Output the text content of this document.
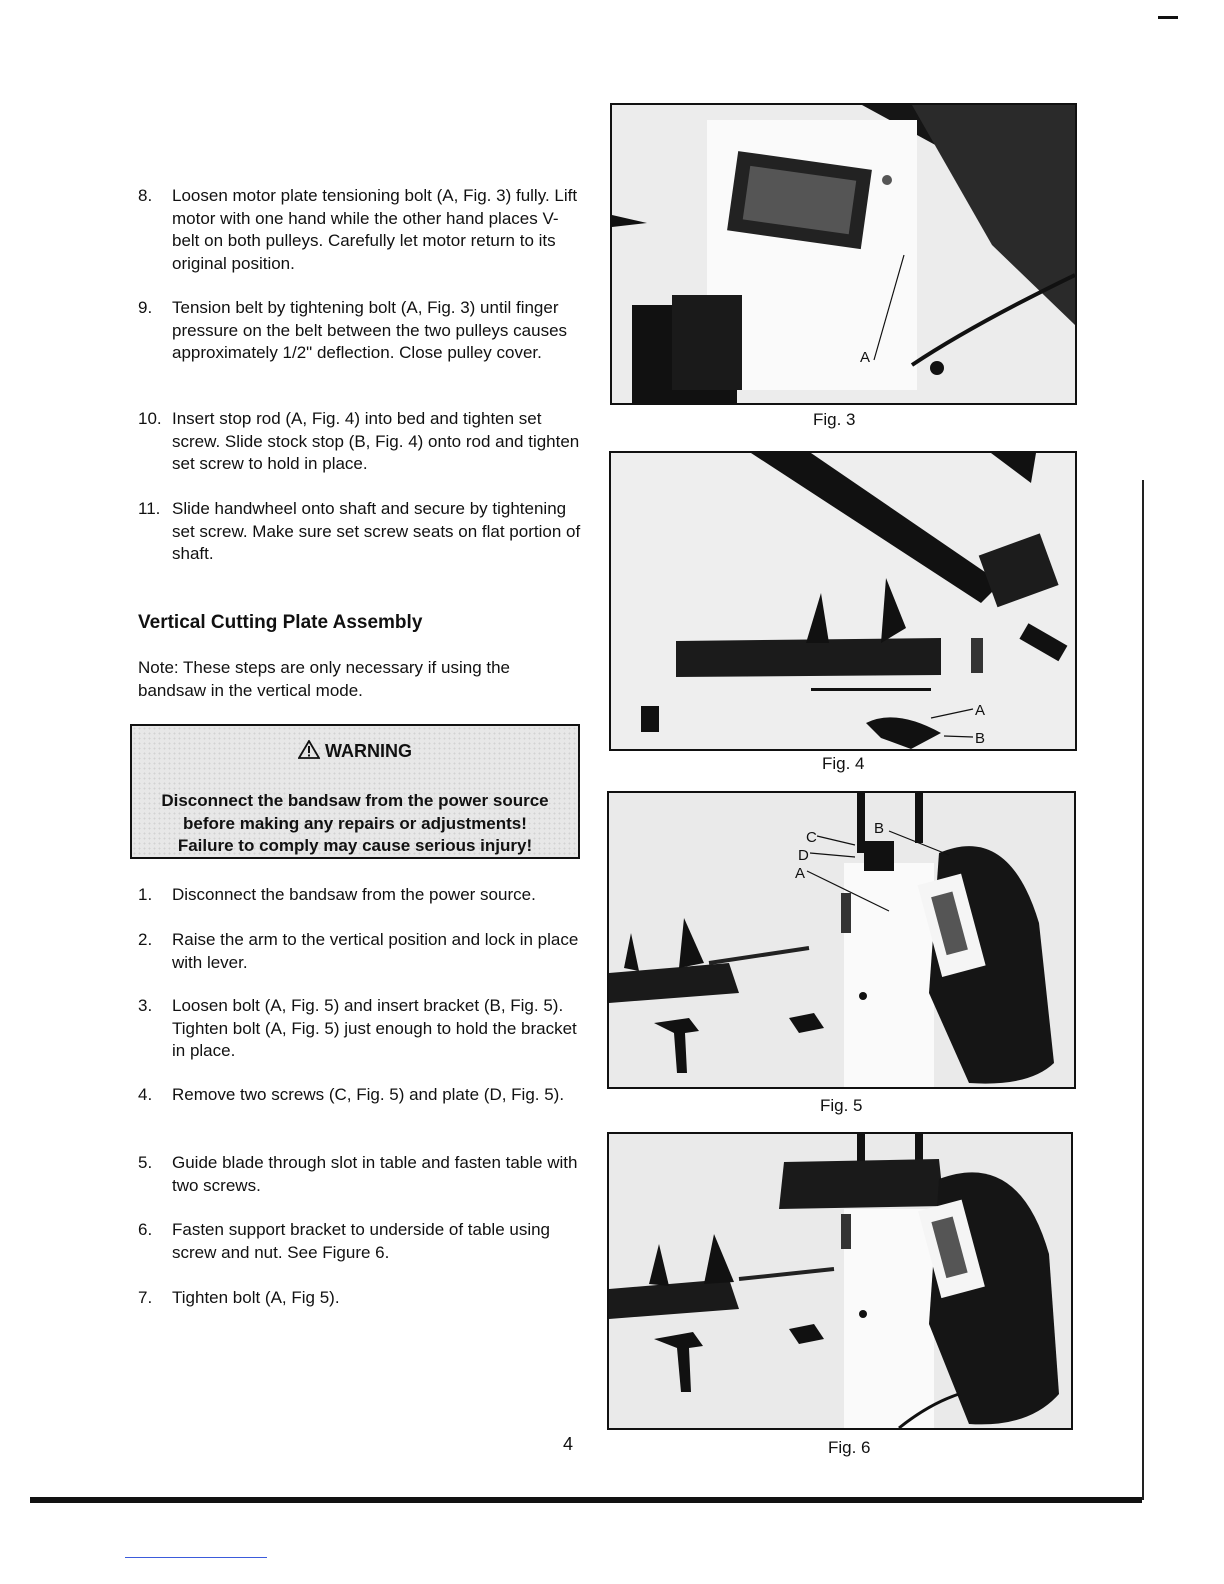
8.	Loosen motor plate tensioning bolt (A, Fig. 3) fully. Lift motor with one hand while the other hand places V-belt on both pulleys. Carefully let motor return to its original position.
9.	Tension belt by tightening bolt (A, Fig. 3) until finger pressure on the belt between the two pulleys causes approximately 1/2" deflection. Close pulley cover.
10. Insert stop rod (A, Fig. 4) into bed and tighten set screw. Slide stock stop (B, Fig. 4) onto rod and tighten set screw to hold in place.
11. Slide handwheel onto shaft and secure by tightening set screw. Make sure set screw seats on flat portion of shaft.
Vertical Cutting Plate Assembly
Note: These steps are only necessary if using the bandsaw in the vertical mode.
WARNING
Disconnect the bandsaw from the power source
before making any repairs or adjustments!
Failure to comply may cause serious injury!
1.	Disconnect the bandsaw from the power source.
2.	Raise the arm to the vertical position and lock in place with lever.
3.	Loosen bolt (A, Fig. 5) and insert bracket (B, Fig. 5). Tighten bolt (A, Fig. 5) just enough to hold the bracket in place.
4.	Remove two screws (C, Fig. 5) and plate (D, Fig. 5).
5.	Guide blade through slot in table and fasten table with two screws.
6.	Fasten support bracket to underside of table using screw and nut. See Figure 6.
7.	Tighten bolt (A, Fig 5).
A
Fig. 3
A
B
Fig. 4
C
D
A
B
Fig. 5
Fig. 6
4
